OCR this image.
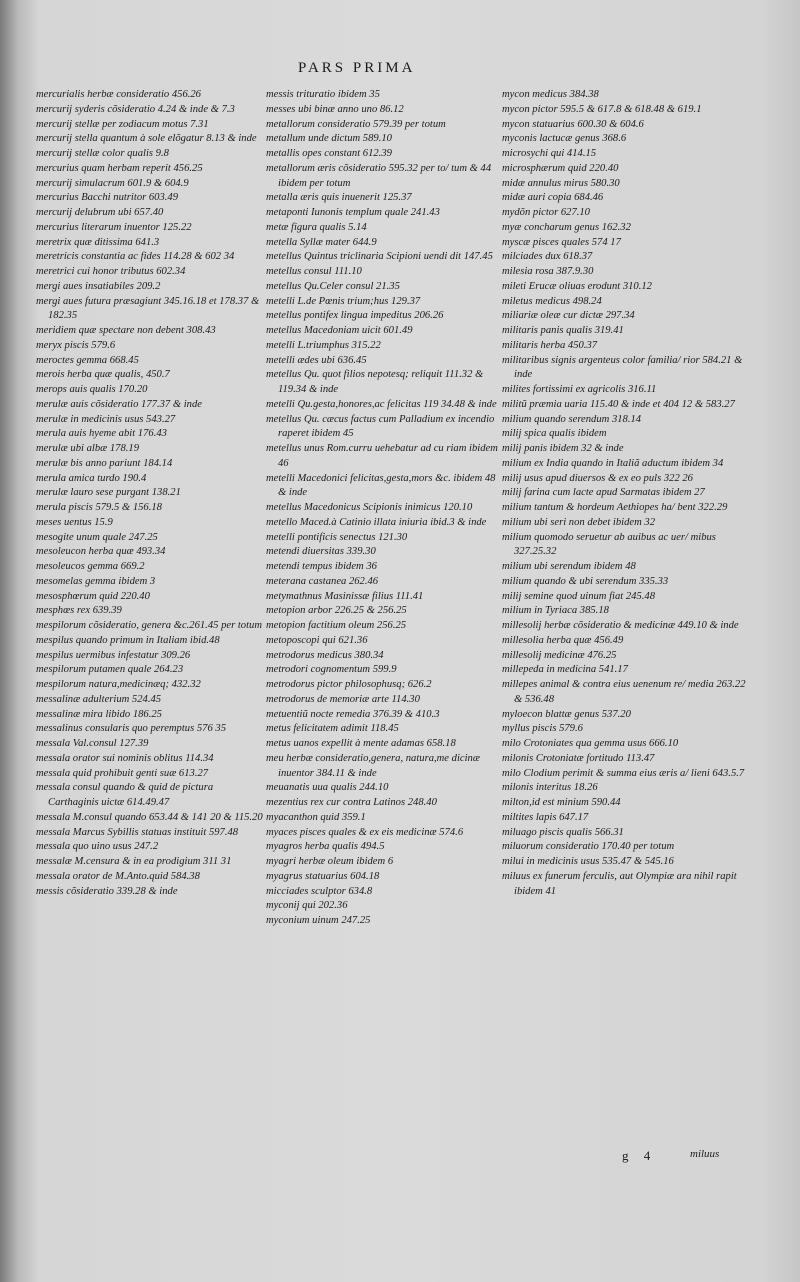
PARS PRIMA

mercurialis herbæ consideratio 456.26

mercurij syderis cõsideratio 4.24 & inde & 7.3

mercurij stellæ per zodiacum motus 7.31

mercurij stella quantum à sole elõgatur 8.13 & inde

mercurij stellæ color qualis 9.8

mercurius quam herbam reperit 456.25

mercurij simulacrum 601.9 & 604.9

mercurius Bacchi nutritor 603.49

mercurij delubrum ubi 657.40

mercurius literarum inuentor 125.22

meretrix quæ ditissima 641.3

meretricis constantia ac fides 114.28 & 602 34

meretrici cui honor tributus 602.34

mergi aues insatiabiles 209.2

mergi aues futura præsagiunt 345.16.18 et 178.37 & 182.35

meridiem quæ spectare non debent 308.43

meryx piscis 579.6

meroctes gemma 668.45

merois herba quæ qualis, 450.7

merops auis qualis 170.20

merulæ auis cõsideratio 177.37 & inde

merulæ in medicinis usus 543.27

merula auis hyeme abit 176.43

merulæ ubi albæ 178.19

merulæ bis anno pariunt 184.14

merula amica turdo 190.4

merulæ lauro sese purgant 138.21

merula piscis 579.5 & 156.18

meses uentus 15.9

mesogite unum quale 247.25

mesoleucon herba quæ 493.34

mesoleucos gemma 669.2

mesomelas gemma ibidem 3

mesosphœrum quid 220.40

mesphœs rex 639.39

mespilorum cõsideratio, genera &c.261.45 per totum

mespilus quando primum in Italiam ibid.48

mespilus uermibus infestatur 309.26

mespilorum putamen quale 264.23

mespilorum natura,medicinæq; 432.32

messalinæ adulterium 524.45

messalinæ mira libido 186.25

messalinus consularis quo peremptus 576 35

messala Val.consul 127.39

messala orator sui nominis oblitus 114.34

messala quid prohibuit genti suæ 613.27

messala consul quando & quid de pictura Carthaginis uictæ 614.49.47

messala M.consul quando 653.44 & 141 20 & 115.20

messala Marcus Sybillis statuas instituit 597.48

messala quo uino usus 247.2

messalæ M.censura & in ea prodigium 311 31

messala orator de M.Anto.quid 584.38

messis cõsideratio 339.28 & inde

messis trituratio ibidem 35

messes ubi binæ anno uno 86.12

metallorum consideratio 579.39 per totum

metallum unde dictum 589.10

metallis opes constant 612.39

metallorum æris cõsideratio 595.32 per to/ tum & 44 ibidem per totum

metalla æris quis inuenerit 125.37

metaponti Iunonis templum quale 241.43

metæ figura qualis 5.14

metella Syllæ mater 644.9

metellus Quintus triclinaria Scipioni uendi dit 147.45

metellus consul 111.10

metellus Qu.Celer consul 21.35

metelli L.de Pœnis trium;hus 129.37

metellus pontifex lingua impeditus 206.26

metellus Macedoniam uicit 601.49

metelli L.triumphus 315.22

metelli ædes ubi 636.45

metellus Qu. quot filios nepotesq; reliquit 111.32 & 119.34 & inde

metelli Qu.gesta,honores,ac felicitas 119 34.48 & inde

metellus Qu. cæcus factus cum Palladium ex incendio raperet ibidem 45

metellus unus Rom.curru uehebatur ad cu riam ibidem 46

metelli Macedonici felicitas,gesta,mors &c. ibidem 48 & inde

metellus Macedonicus Scipionis inimicus 120.10

metello Maced.à Catinio illata iniuria ibid.3 & inde

metelli pontificis senectus 121.30

metendi diuersitas 339.30

metendi tempus ibidem 36

meterana castanea 262.46

metymathnus Masinissæ filius 111.41

metopion arbor 226.25 & 256.25

metopion factitium oleum 256.25

metoposcopi qui 621.36

metrodorus medicus 380.34

metrodori cognomentum 599.9

metrodorus pictor philosophusq; 626.2

metrodorus de memoriæ arte 114.30

metuentiũ nocte remedia 376.39 & 410.3

metus felicitatem adimit 118.45

metus uanos expellit à mente adamas 658.18

meu herbæ consideratio,genera, natura,me dicinæ inuentor 384.11 & inde

meuanatis uua qualis 244.10

mezentius rex cur contra Latinos 248.40

myacanthon quid 359.1

myaces pisces quales & ex eis medicinæ 574.6

myagros herba qualis 494.5

myagri herbæ oleum ibidem 6

myagrus statuarius 604.18

micciades sculptor 634.8

myconij qui 202.36

myconium uinum 247.25

mycon medicus 384.38

mycon pictor 595.5 & 617.8 & 618.48 & 619.1

mycon statuarius 600.30 & 604.6

myconis lactucæ genus 368.6

microsychi qui 414.15

microsphærum quid 220.40

midæ annulus mirus 580.30

midæ auri copia 684.46

mydõn pictor 627.10

myæ concharum genus 162.32

myscæ pisces quales 574 17

milciades dux 618.37

milesia rosa 387.9.30

mileti Erucæ oliuas erodunt 310.12

miletus medicus 498.24

miliariæ oleæ cur dictæ 297.34

militaris panis qualis 319.41

militaris herba 450.37

militaribus signis argenteus color familia/ rior 584.21 & inde

milites fortissimi ex agricolis 316.11

militũ præmia uaria 115.40 & inde et 404 12 & 583.27

milium quando serendum 318.14

milij spica qualis ibidem

milij panis ibidem 32 & inde

milium ex India quando in Italiã aductum ibidem 34

milij usus apud diuersos & ex eo puls 322 26

milij farina cum lacte apud Sarmatas ibidem 27

milium tantum & hordeum Aethiopes ha/ bent 322.29

milium ubi seri non debet ibidem 32

milium quomodo seruetur ab auibus ac uer/ mibus 327.25.32

milium ubi serendum ibidem 48

milium quando & ubi serendum 335.33

milij semine quod uinum fiat 245.48

milium in Tyriaca 385.18

millesolij herbæ cõsideratio & medicinæ 449.10 & inde

millesolia herba quæ 456.49

millesolij medicinæ 476.25

millepeda in medicina 541.17

millepes animal & contra eius uenenum re/ media 263.22 & 536.48

myloecon blattæ genus 537.20

myllus piscis 579.6

milo Crotoniates qua gemma usus 666.10

milonis Crotoniatæ fortitudo 113.47

milo Clodium perimit & summa eius æris a/ lieni 643.5.7

milonis interitus 18.26

milton,id est minium 590.44

miltites lapis 647.17

miluago piscis qualis 566.31

miluorum consideratio 170.40 per totum

milui in medicinis usus 535.47 & 545.16

miluus ex funerum ferculis, aut Olympiæ ara nihil rapit ibidem 41

g 4	miluus
